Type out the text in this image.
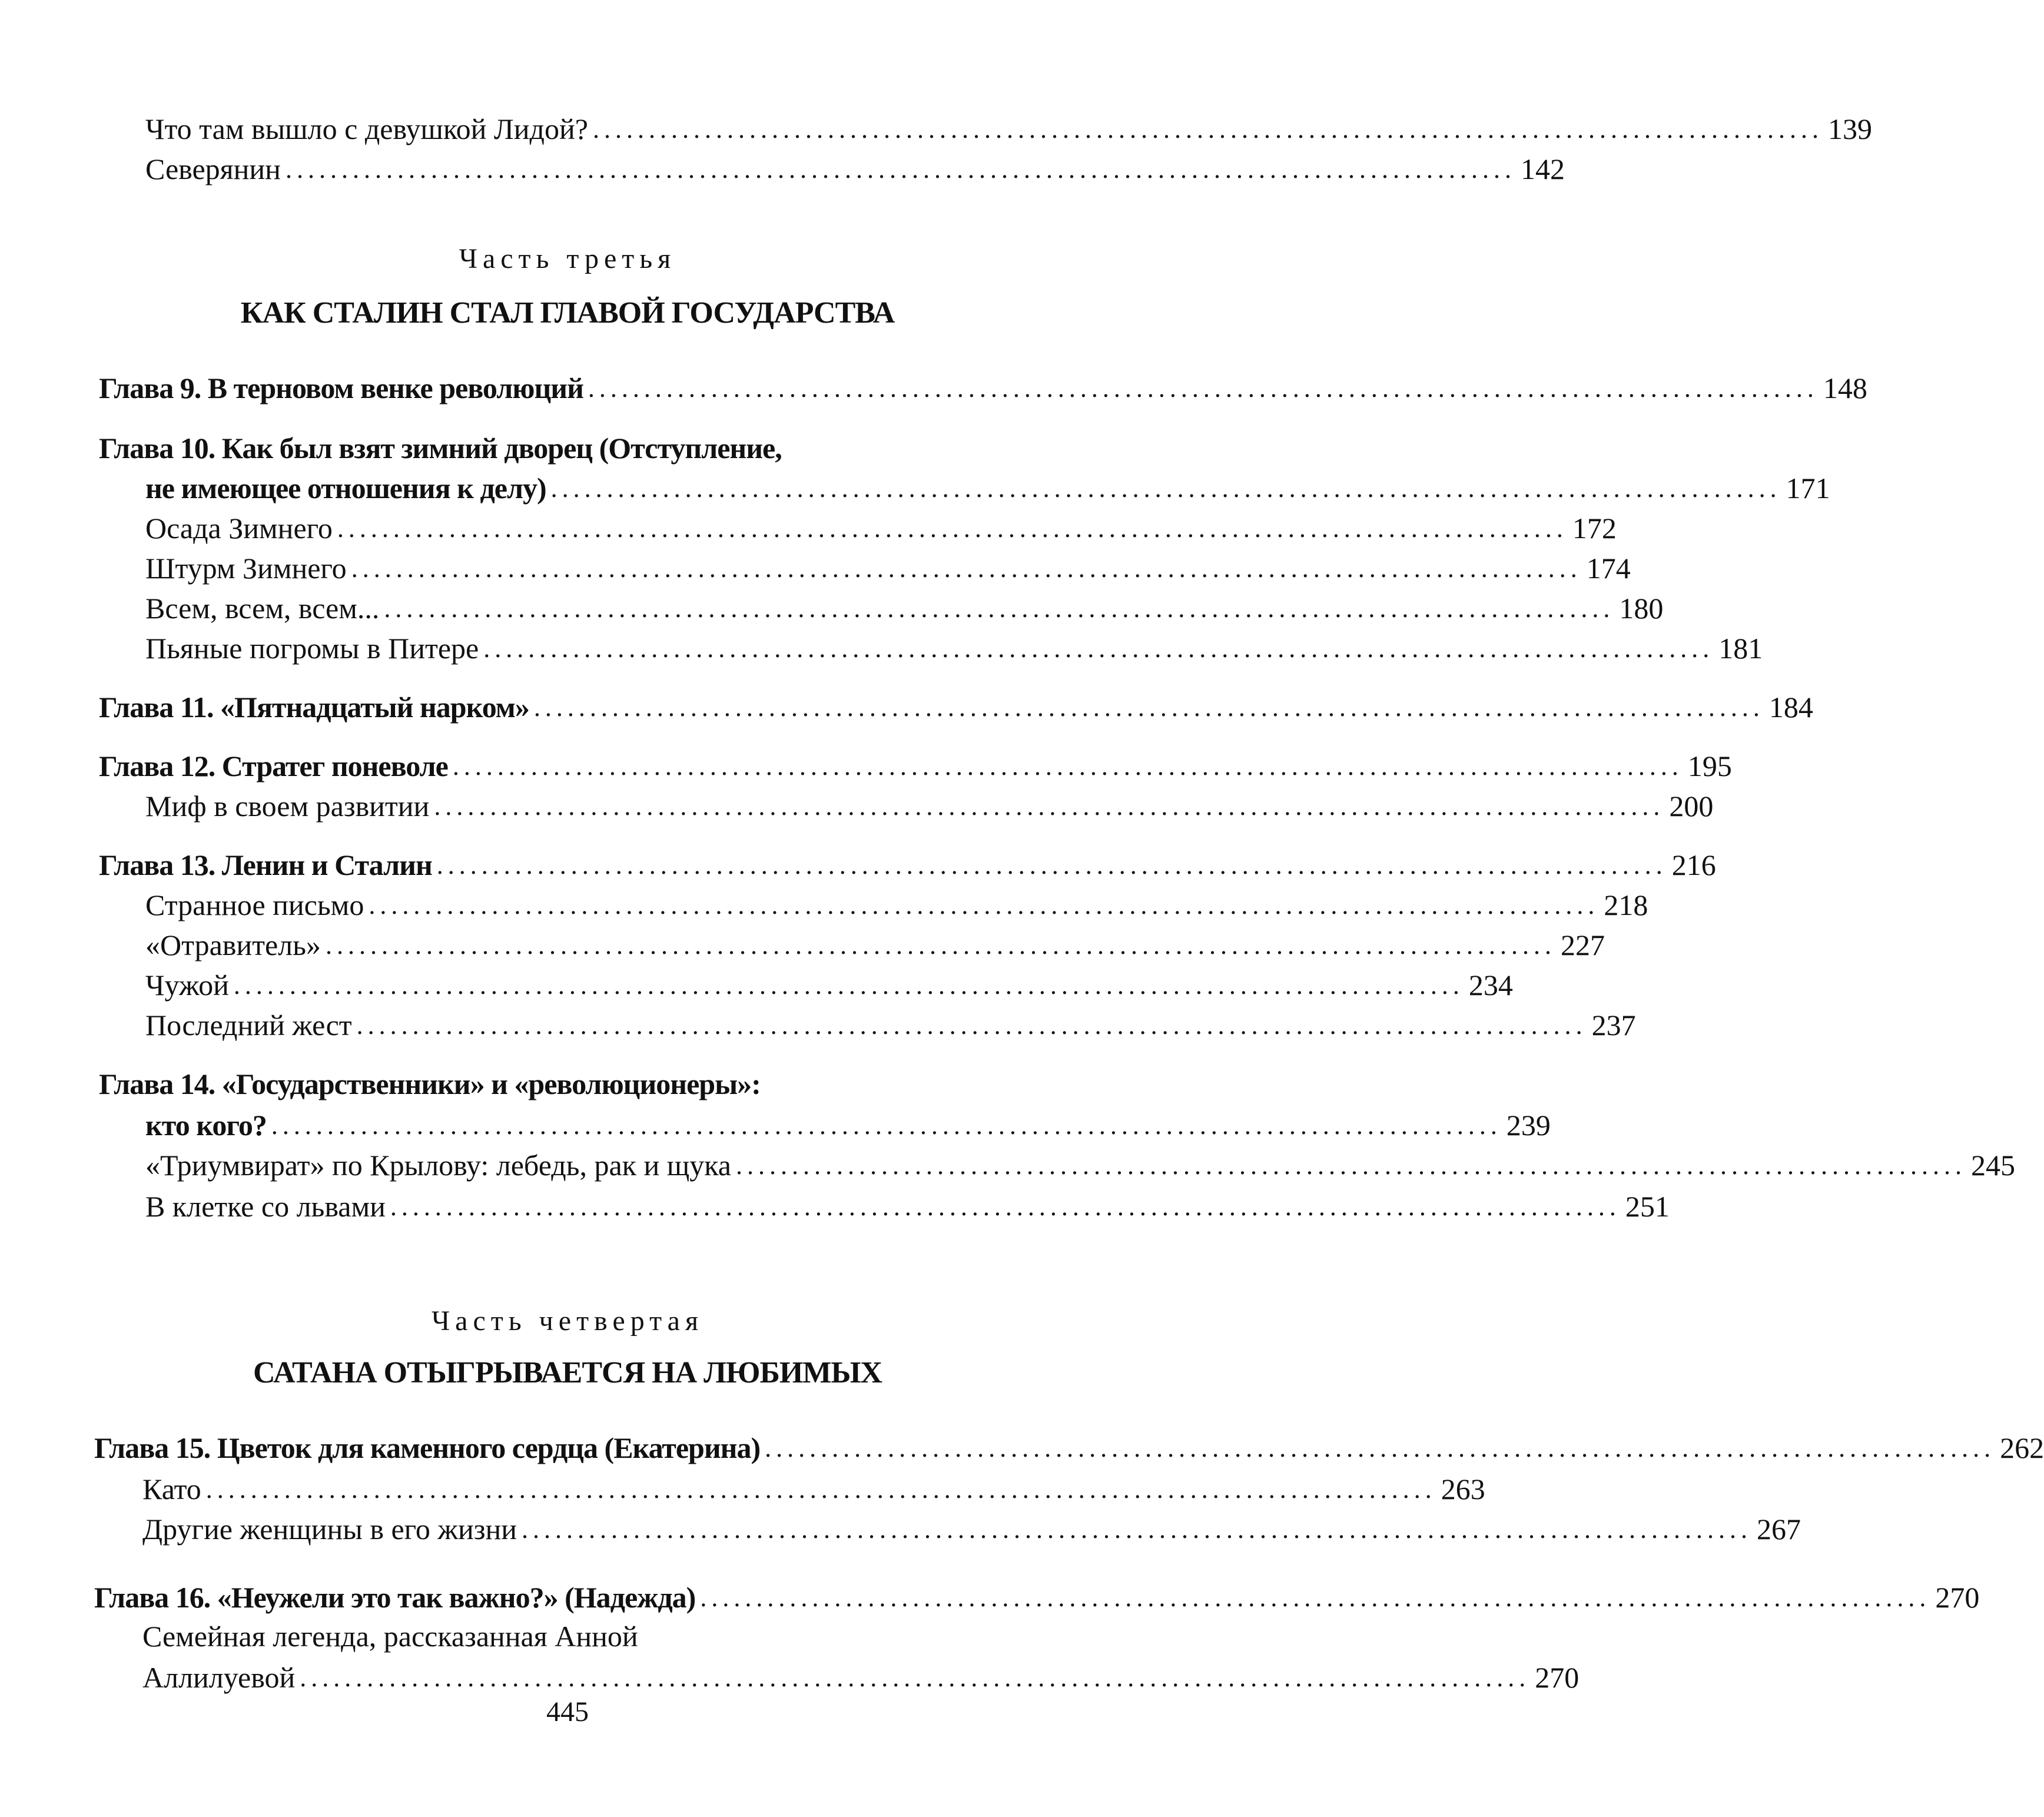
Что там вышло с девушкой Лидой? .............................................................................................................. 139
Северянин .............................................................................................................. 142
Часть третья
КАК СТАЛИН СТАЛ ГЛАВОЙ ГОСУДАРСТВА
Глава 9. В терновом венке революций .............................................................................................................. 148
Глава 10. Как был взят зимний дворец (Отступление,
не имеющее отношения к делу) .............................................................................................................. 171
Осада Зимнего .............................................................................................................. 172
Штурм Зимнего .............................................................................................................. 174
Всем, всем, всем... .............................................................................................................. 180
Пьяные погромы в Питере .............................................................................................................. 181
Глава 11. «Пятнадцатый нарком» .............................................................................................................. 184
Глава 12. Стратег поневоле .............................................................................................................. 195
Миф в своем развитии .............................................................................................................. 200
Глава 13. Ленин и Сталин .............................................................................................................. 216
Странное письмо .............................................................................................................. 218
«Отравитель» .............................................................................................................. 227
Чужой .............................................................................................................. 234
Последний жест .............................................................................................................. 237
Глава 14. «Государственники» и «революционеры»:
кто кого? .............................................................................................................. 239
«Триумвират» по Крылову: лебедь, рак и щука .............................................................................................................. 245
В клетке со львами .............................................................................................................. 251
Часть четвертая
САТАНА ОТЫГРЫВАЕТСЯ НА ЛЮБИМЫХ
Глава 15. Цветок для каменного сердца (Екатерина) .............................................................................................................. 262
Като .............................................................................................................. 263
Другие женщины в его жизни .............................................................................................................. 267
Глава 16. «Неужели это так важно?» (Надежда) .............................................................................................................. 270
Семейная легенда, рассказанная Анной
Аллилуевой .............................................................................................................. 270
445
